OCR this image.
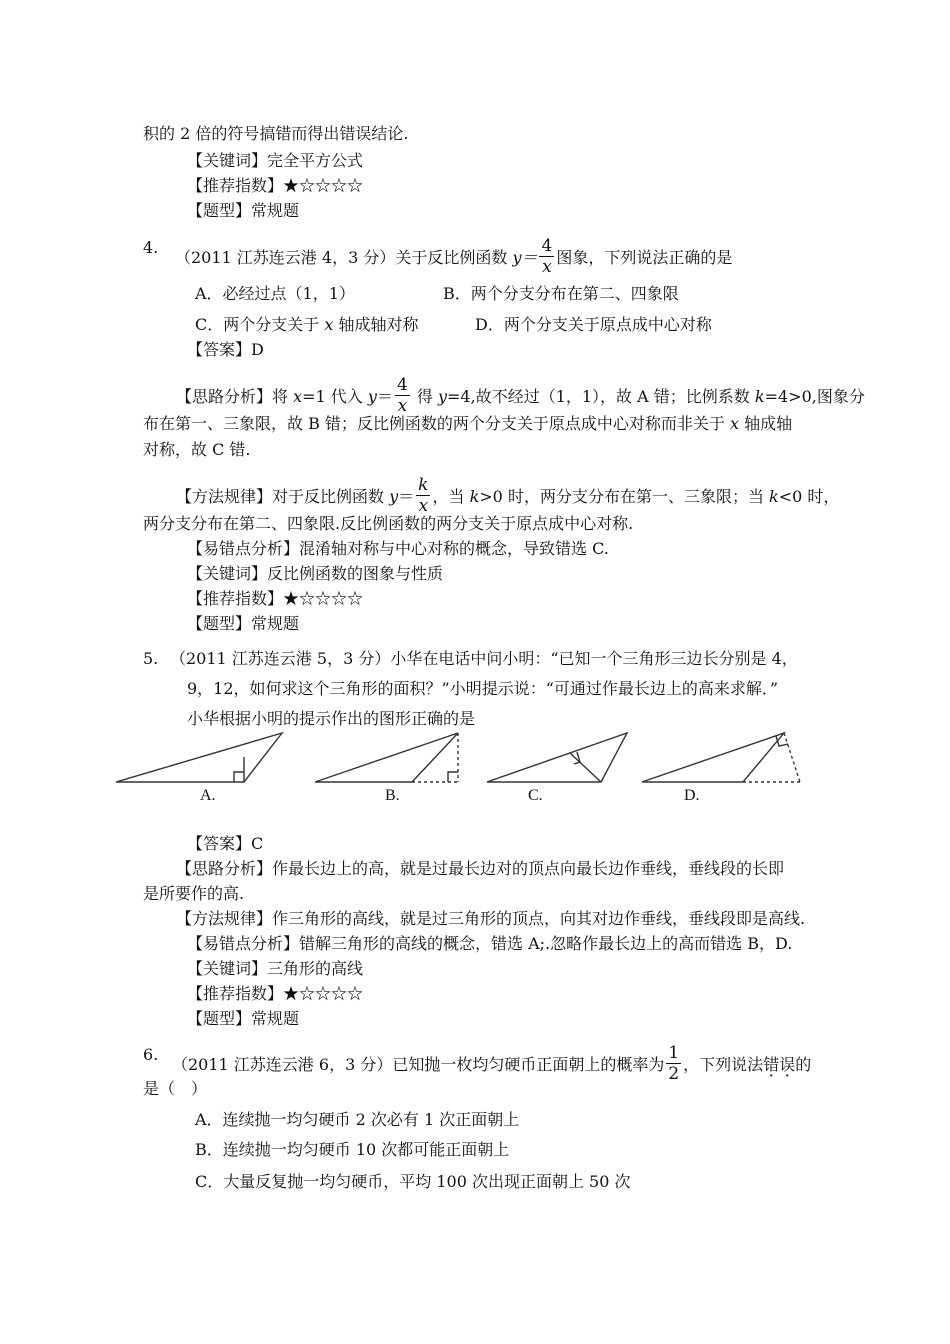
积的 2 倍的符号搞错而得出错误结论.
【关键词】完全平方公式
【推荐指数】★☆☆☆☆
【题型】常规题
4.
（2011 江苏连云港 4，3 分）关于反比例函数 $y= \frac{4}{x}$ 图象，下列说法正确的是
A．必经过点（1，1）	B．两个分支分布在第二、四象限
C．两个分支关于 x 轴成轴对称	D．两个分支关于原点成中心对称
【答案】D
【思路分析】将 x=1 代入 $y= \frac{4}{x}$ 得 y=4,故不经过（1，1），故 A 错；比例系数 k=4>0,图象分
布在第一、三象限，故 B 错；反比例函数的两个分支关于原点成中心对称而非关于 x 轴成轴
对称，故 C 错.
【方法规律】对于反比例函数 $y= \frac{k}{x}$ ，当 k>0 时，两分支分布在第一、三象限；当 k<0 时，
两分支分布在第二、四象限.反比例函数的两分支关于原点成中心对称.
【易错点分析】混淆轴对称与中心对称的概念，导致错选 C.
【关键词】反比例函数的图象与性质
【推荐指数】★☆☆☆☆
【题型】常规题
5. （2011 江苏连云港 5，3 分）小华在电话中问小明：“已知一个三角形三边长分别是 4，
9，12，如何求这个三角形的面积？”小明提示说：“可通过作最长边上的高来求解．”
小华根据小明的提示作出的图形正确的是
A.	B.	C.	D.
【答案】C
【思路分析】作最长边上的高，就是过最长边对的顶点向最长边作垂线，垂线段的长即
是所要作的高.
【方法规律】作三角形的高线，就是过三角形的顶点，向其对边作垂线，垂线段即是高线.
【易错点分析】错解三角形的高线的概念，错选 A;.忽略作最长边上的高而错选 B，D.
【关键词】三角形的高线
【推荐指数】★☆☆☆☆
【题型】常规题
6.
（2011 江苏连云港 6，3 分）已知抛一枚均匀硬币正面朝上的概率为 $\frac{1}{2}$ ，下列说法错误的
是（　）
A．连续抛一均匀硬币 2 次必有 1 次正面朝上
B．连续抛一均匀硬币 10 次都可能正面朝上
C．大量反复抛一均匀硬币，平均 100 次出现正面朝上 50 次
